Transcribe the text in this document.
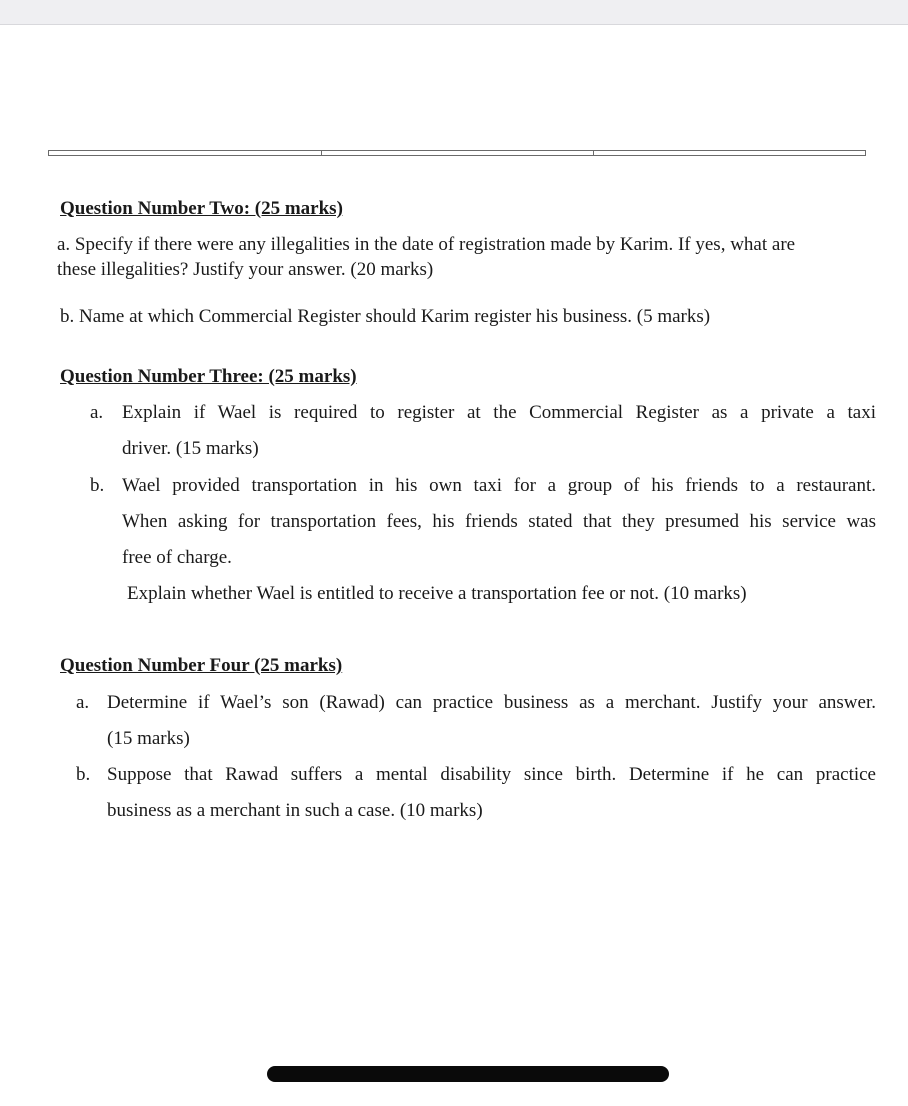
Question Number Two: (25 marks)
a. Specify if there were any illegalities in the date of registration made by Karim. If yes, what are
these illegalities? Justify your answer. (20 marks)
b. Name at which Commercial Register should Karim register his business. (5 marks)
Question Number Three: (25 marks)
a. Explain if Wael is required to register at the Commercial Register as a private a taxi
driver. (15 marks)
b. Wael provided transportation in his own taxi for a group of his friends to a restaurant.
When asking for transportation fees, his friends stated that they presumed his service was
free of charge.
Explain whether Wael is entitled to receive a transportation fee or not. (10 marks)
Question Number Four (25 marks)
a. Determine if Wael’s son (Rawad) can practice business as a merchant. Justify your answer.
(15 marks)
b. Suppose that Rawad suffers a mental disability since birth. Determine if he can practice
business as a merchant in such a case. (10 marks)
